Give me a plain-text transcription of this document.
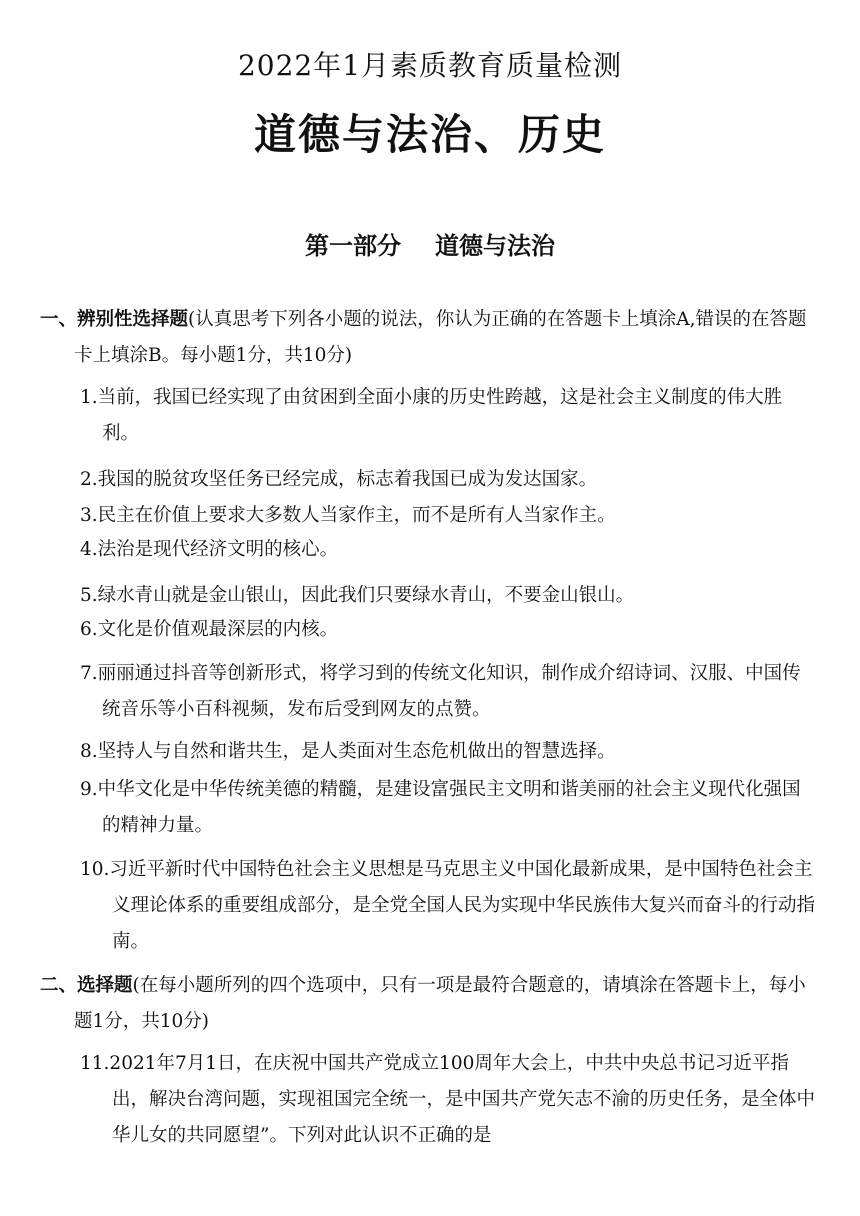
2022年1月素质教育质量检测
道德与法治、历史
第一部分 道德与法治
一、辨别性选择题(认真思考下列各小题的说法，你认为正确的在答题卡上填涂A,错误的在答题卡上填涂B。每小题1分，共10分)
1.当前，我国已经实现了由贫困到全面小康的历史性跨越，这是社会主义制度的伟大胜利。
2.我国的脱贫攻坚任务已经完成，标志着我国已成为发达国家。
3.民主在价值上要求大多数人当家作主，而不是所有人当家作主。
4.法治是现代经济文明的核心。
5.绿水青山就是金山银山，因此我们只要绿水青山，不要金山银山。
6.文化是价值观最深层的内核。
7.丽丽通过抖音等创新形式，将学习到的传统文化知识，制作成介绍诗词、汉服、中国传统音乐等小百科视频，发布后受到网友的点赞。
8.坚持人与自然和谐共生，是人类面对生态危机做出的智慧选择。
9.中华文化是中华传统美德的精髓，是建设富强民主文明和谐美丽的社会主义现代化强国的精神力量。
10.习近平新时代中国特色社会主义思想是马克思主义中国化最新成果，是中国特色社会主义理论体系的重要组成部分，是全党全国人民为实现中华民族伟大复兴而奋斗的行动指南。
二、选择题(在每小题所列的四个选项中，只有一项是最符合题意的，请填涂在答题卡上，每小题1分，共10分)
11.2021年7月1日，在庆祝中国共产党成立100周年大会上，中共中央总书记习近平指出，解决台湾问题，实现祖国完全统一，是中国共产党矢志不渝的历史任务，是全体中华儿女的共同愿望”。下列对此认识不正确的是
